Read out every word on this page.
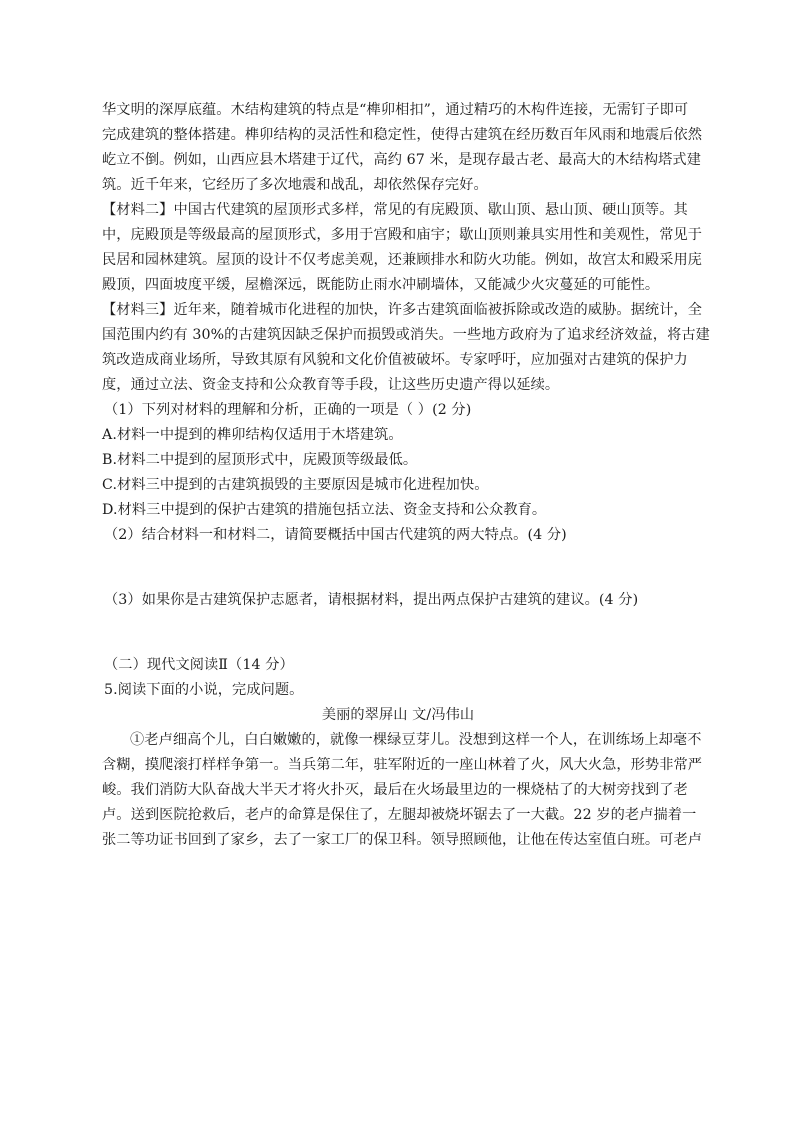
华文明的深厚底蕴。木结构建筑的特点是“榫卯相扣”，通过精巧的木构件连接，无需钉子即可
完成建筑的整体搭建。榫卯结构的灵活性和稳定性，使得古建筑在经历数百年风雨和地震后依然
屹立不倒。例如，山西应县木塔建于辽代，高约 67 米，是现存最古老、最高大的木结构塔式建
筑。近千年来，它经历了多次地震和战乱，却依然保存完好。
【材料二】中国古代建筑的屋顶形式多样，常见的有庑殿顶、歇山顶、悬山顶、硬山顶等。其
中，庑殿顶是等级最高的屋顶形式，多用于宫殿和庙宇；歇山顶则兼具实用性和美观性，常见于
民居和园林建筑。屋顶的设计不仅考虑美观，还兼顾排水和防火功能。例如，故宫太和殿采用庑
殿顶，四面坡度平缓，屋檐深远，既能防止雨水冲刷墙体，又能减少火灾蔓延的可能性。
【材料三】近年来，随着城市化进程的加快，许多古建筑面临被拆除或改造的威胁。据统计，全
国范围内约有 30%的古建筑因缺乏保护而损毁或消失。一些地方政府为了追求经济效益，将古建
筑改造成商业场所，导致其原有风貌和文化价值被破坏。专家呼吁，应加强对古建筑的保护力
度，通过立法、资金支持和公众教育等手段，让这些历史遗产得以延续。
（1）下列对材料的理解和分析，正确的一项是（ ）(2 分)
A.材料一中提到的榫卯结构仅适用于木塔建筑。
B.材料二中提到的屋顶形式中，庑殿顶等级最低。
C.材料三中提到的古建筑损毁的主要原因是城市化进程加快。
D.材料三中提到的保护古建筑的措施包括立法、资金支持和公众教育。
（2）结合材料一和材料二，请简要概括中国古代建筑的两大特点。(4 分)
（3）如果你是古建筑保护志愿者，请根据材料，提出两点保护古建筑的建议。(4 分)
（二）现代文阅读Ⅱ（14 分）
5.阅读下面的小说，完成问题。
美丽的翠屏山 文/冯伟山
①老卢细高个儿，白白嫩嫩的，就像一棵绿豆芽儿。没想到这样一个人，在训练场上却毫不
含糊，摸爬滚打样样争第一。当兵第二年，驻军附近的一座山林着了火，风大火急，形势非常严
峻。我们消防大队奋战大半天才将火扑灭，最后在火场最里边的一棵烧枯了的大树旁找到了老
卢。送到医院抢救后，老卢的命算是保住了，左腿却被烧坏锯去了一大截。22 岁的老卢揣着一
张二等功证书回到了家乡，去了一家工厂的保卫科。领导照顾他，让他在传达室值白班。可老卢
